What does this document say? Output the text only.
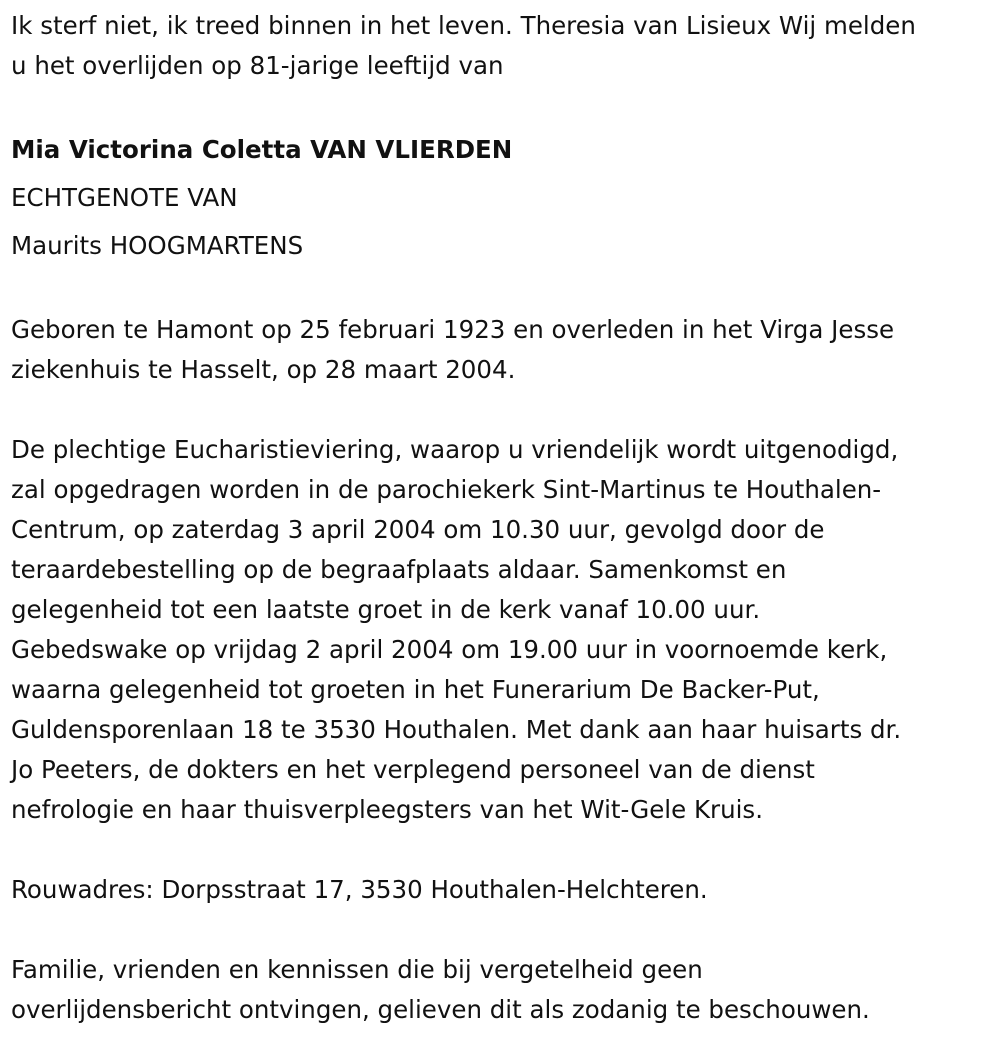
Ik sterf niet, ik treed binnen in het leven. Theresia van Lisieux Wij melden
u het overlijden op 81-jarige leeftijd van
Mia Victorina Coletta VAN VLIERDEN
ECHTGENOTE VAN
Maurits HOOGMARTENS
Geboren te Hamont op 25 februari 1923 en overleden in het Virga Jesse
ziekenhuis te Hasselt, op 28 maart 2004.
De plechtige Eucharistieviering, waarop u vriendelijk wordt uitgenodigd,
zal opgedragen worden in de parochiekerk Sint-Martinus te Houthalen-
Centrum, op zaterdag 3 april 2004 om 10.30 uur, gevolgd door de
teraardebestelling op de begraafplaats aldaar. Samenkomst en
gelegenheid tot een laatste groet in de kerk vanaf 10.00 uur.
Gebedswake op vrijdag 2 april 2004 om 19.00 uur in voornoemde kerk,
waarna gelegenheid tot groeten in het Funerarium De Backer-Put,
Guldensporenlaan 18 te 3530 Houthalen. Met dank aan haar huisarts dr.
Jo Peeters, de dokters en het verplegend personeel van de dienst
nefrologie en haar thuisverpleegsters van het Wit-Gele Kruis.
Rouwadres: Dorpsstraat 17, 3530 Houthalen-Helchteren.
Familie, vrienden en kennissen die bij vergetelheid geen
overlijdensbericht ontvingen, gelieven dit als zodanig te beschouwen.
